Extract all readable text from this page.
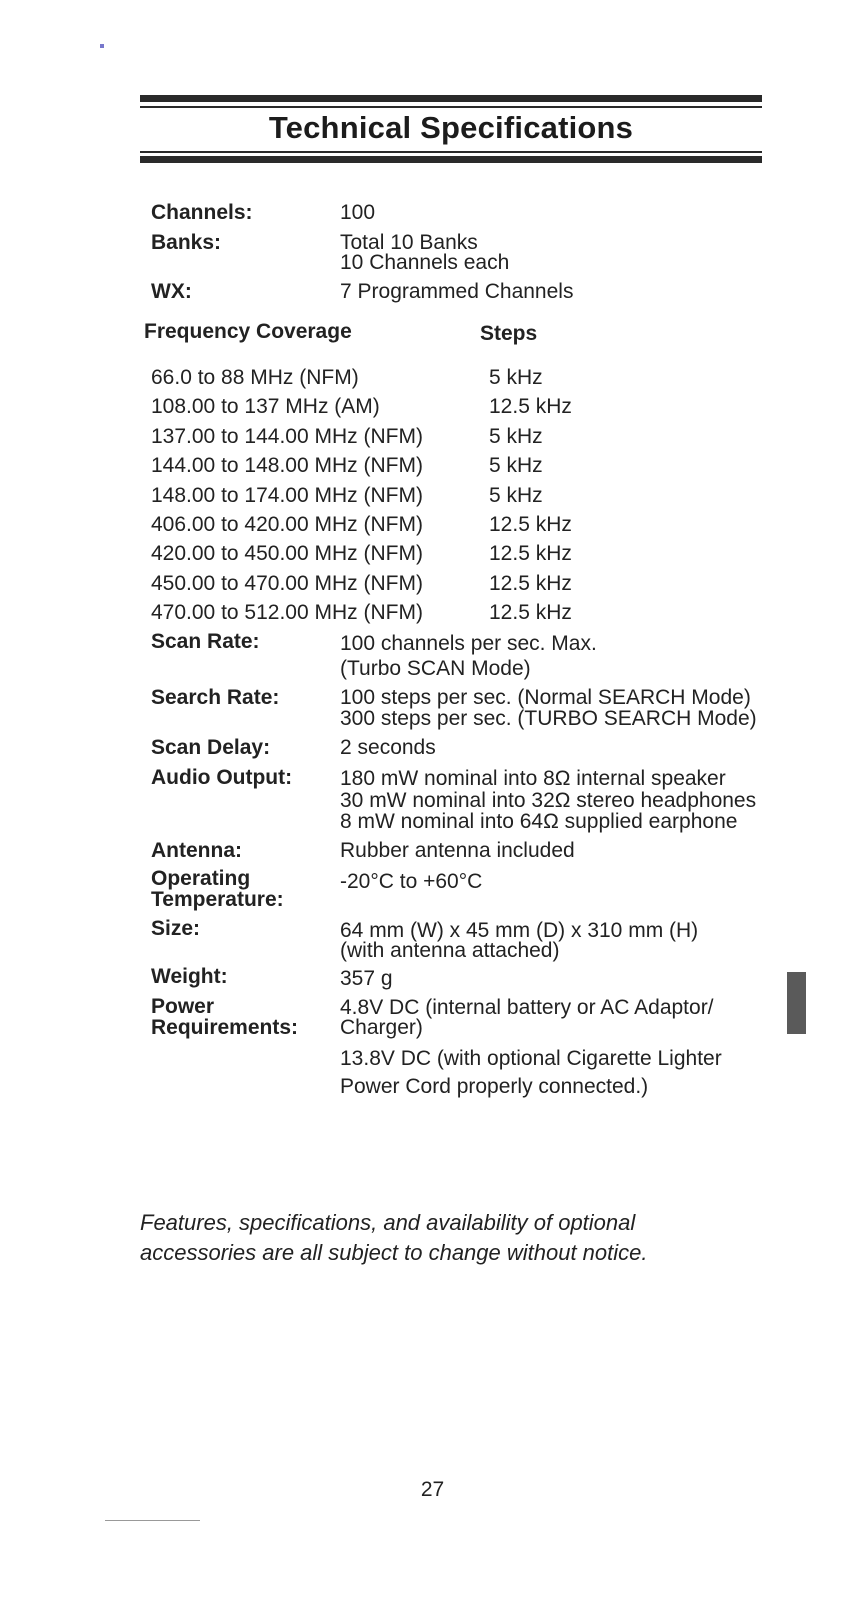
Technical Specifications
Channels:	100
Banks:	Total 10 Banks
10 Channels each
WX:	7 Programmed Channels
Frequency Coverage	Steps
66.0 to 88 MHz (NFM)	5 kHz
108.00 to 137 MHz (AM)	12.5 kHz
137.00 to 144.00 MHz (NFM)	5 kHz
144.00 to 148.00 MHz (NFM)	5 kHz
148.00 to 174.00 MHz (NFM)	5 kHz
406.00 to 420.00 MHz (NFM)	12.5 kHz
420.00 to 450.00 MHz (NFM)	12.5 kHz
450.00 to 470.00 MHz (NFM)	12.5 kHz
470.00 to 512.00 MHz (NFM)	12.5 kHz
Scan Rate:	100 channels per sec. Max.
(Turbo SCAN Mode)
Search Rate:	100 steps per sec. (Normal SEARCH Mode)
300 steps per sec. (TURBO SEARCH Mode)
Scan Delay:	2 seconds
Audio Output: 180 mW nominal into 8Ω internal speaker
30 mW nominal into 32Ω stereo headphones
8 mW nominal into 64Ω supplied earphone
Antenna:	Rubber antenna included
Operating
Temperature:
-20°C to +60°C
Size:	64 mm (W) x 45 mm (D) x 310 mm (H)
(with antenna attached)
Weight:	357 g
Power
Requirements:
4.8V DC (internal battery or AC Adaptor/
Charger)
13.8V DC (with optional Cigarette Lighter
Power Cord properly connected.)
Features, specifications, and availability of optional
accessories are all subject to change without notice.
27
